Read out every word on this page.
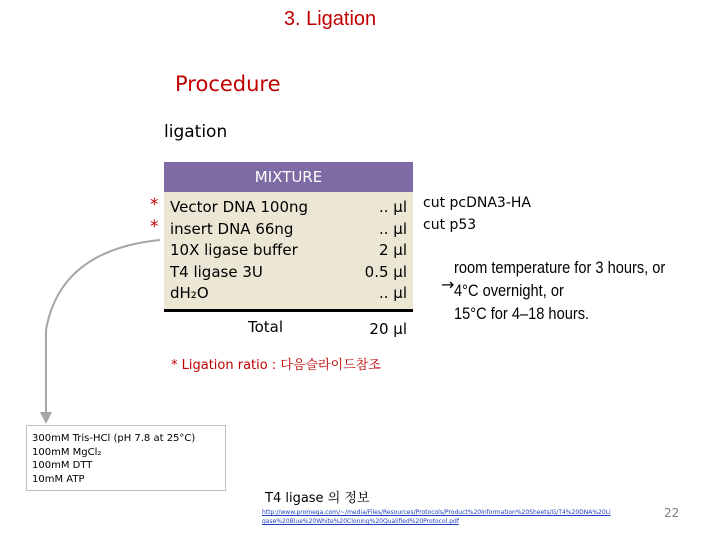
3. Ligation
Procedure
ligation
MIXTURE
* Vector DNA 100ng	.. µl
* insert DNA 66ng	.. µl
10X ligase buffer	2 µl
T4 ligase 3U	0.5 µl
dH₂O	.. µl
Total	20 µl
cut pcDNA3-HA
cut p53
→
room temperature for 3 hours, or
4°C overnight, or
15°C for 4–18 hours.
* Ligation ratio : 다음슬라이드참조
300mM Tris-HCl (pH 7.8 at 25°C)
100mM MgCl₂
100mM DTT
10mM ATP
T4 ligase 의 정보
http://www.promega.com/~/media/Files/Resources/Protocols/Product%20Information%20Sheets/G/T4%20DNA%20Ligase%20Blue%20White%20Cloning%20Qualified%20Protocol.pdf
22
